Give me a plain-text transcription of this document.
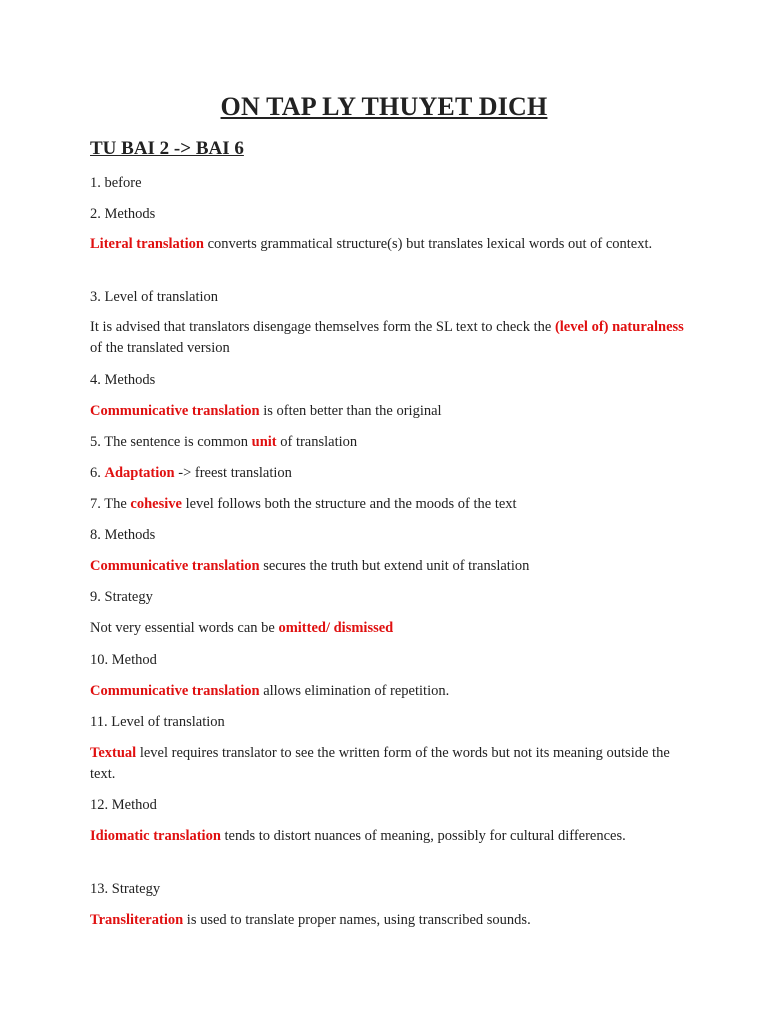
ON TAP LY THUYET DICH
TU BAI 2 -> BAI 6
1. before
2. Methods
Literal translation converts grammatical structure(s) but translates lexical words out of context.
3. Level of translation
It is advised that translators disengage themselves form the SL text to check the (level of) naturalness of the translated version
4. Methods
Communicative translation is often better than the original
5. The sentence is common unit of translation
6. Adaptation -> freest translation
7. The cohesive level follows both the structure and the moods of the text
8. Methods
Communicative translation secures the truth but extend unit of translation
9. Strategy
Not very essential words can be omitted/ dismissed
10. Method
Communicative translation allows elimination of repetition.
11. Level of translation
Textual level requires translator to see the written form of the words but not its meaning outside the text.
12. Method
Idiomatic translation tends to distort nuances of meaning, possibly for cultural differences.
13. Strategy
Transliteration is used to translate proper names, using transcribed sounds.
